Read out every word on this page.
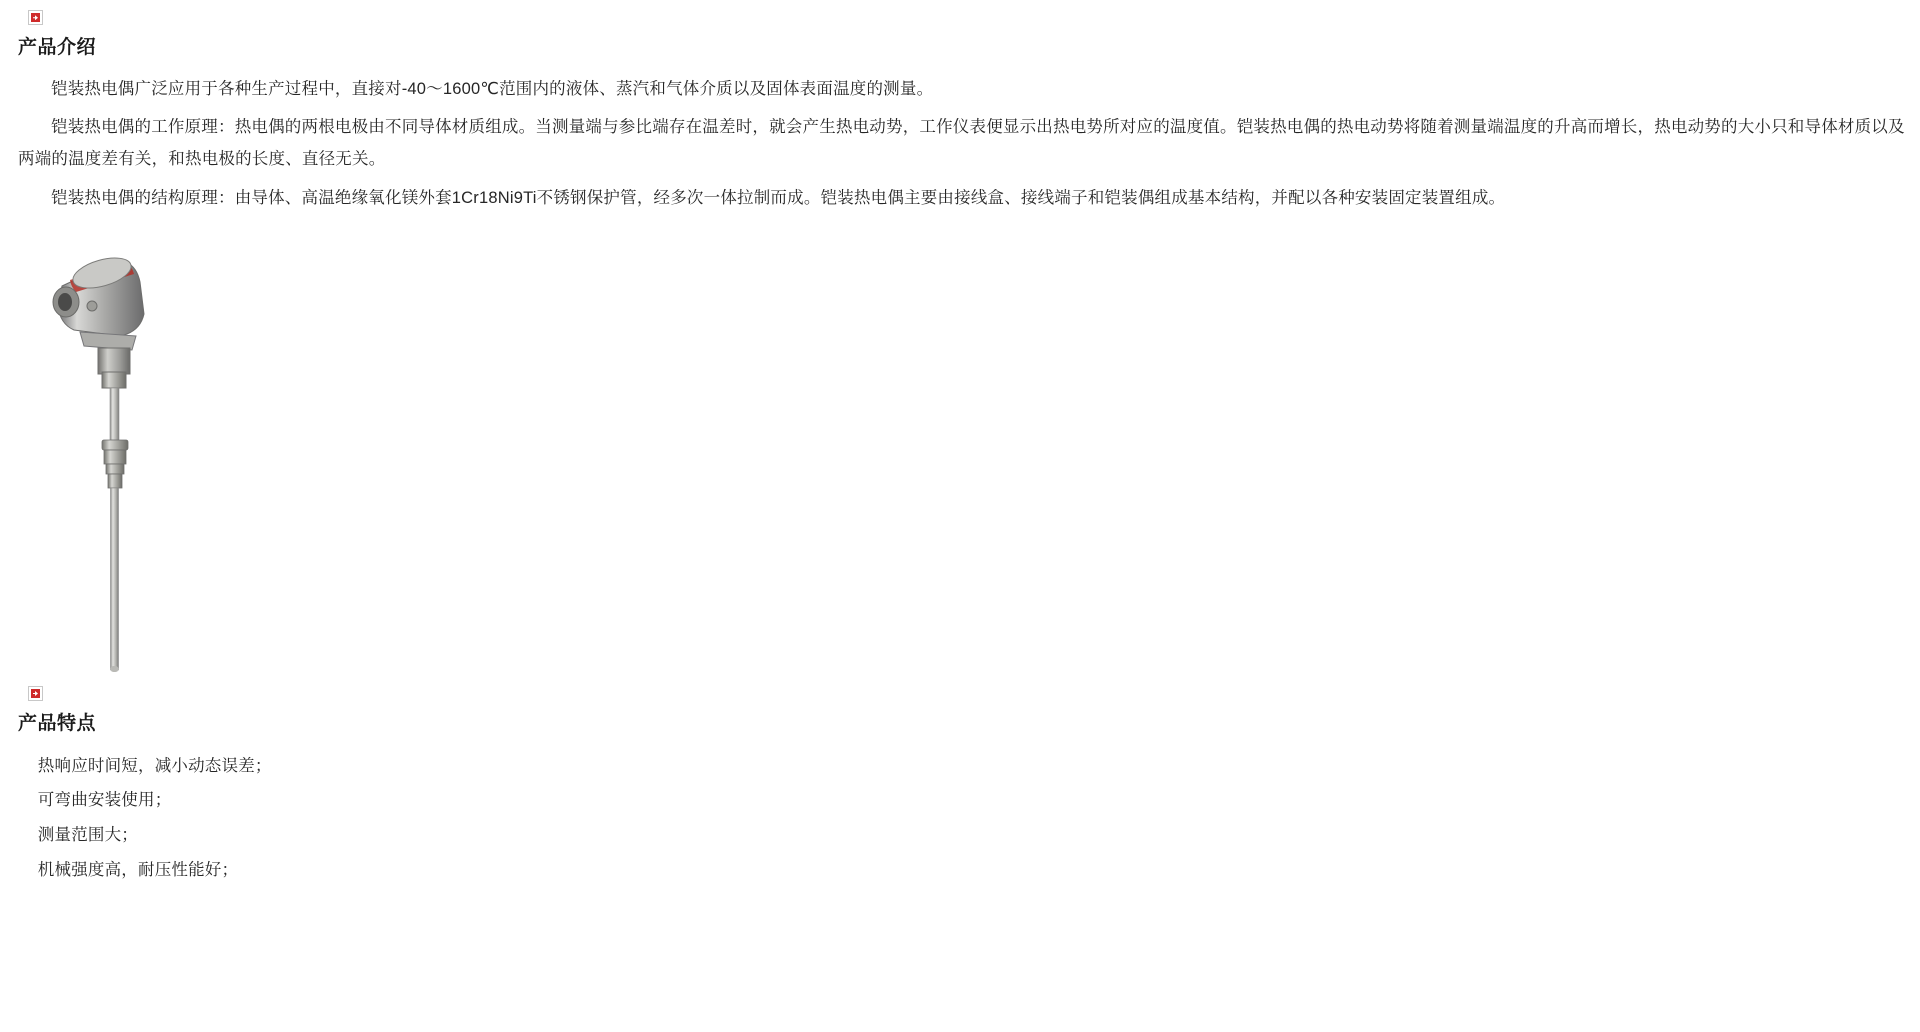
产品介绍

铠装热电偶广泛应用于各种生产过程中，直接对-40～1600℃范围内的液体、蒸汽和气体介质以及固体表面温度的测量。

铠装热电偶的工作原理：热电偶的两根电极由不同导体材质组成。当测量端与参比端存在温差时，就会产生热电动势，工作仪表便显示出热电势所对应的温度值。铠装热电偶的热电动势将随着测量端温度的升高而增长，热电动势的大小只和导体材质以及两端的温度差有关，和热电极的长度、直径无关。

铠装热电偶的结构原理：由导体、高温绝缘氧化镁外套1Cr18Ni9Ti不锈钢保护管，经多次一体拉制而成。铠装热电偶主要由接线盒、接线端子和铠装偶组成基本结构，并配以各种安装固定装置组成。

产品特点

热响应时间短，减小动态误差；

可弯曲安装使用；

测量范围大；

机械强度高，耐压性能好；
